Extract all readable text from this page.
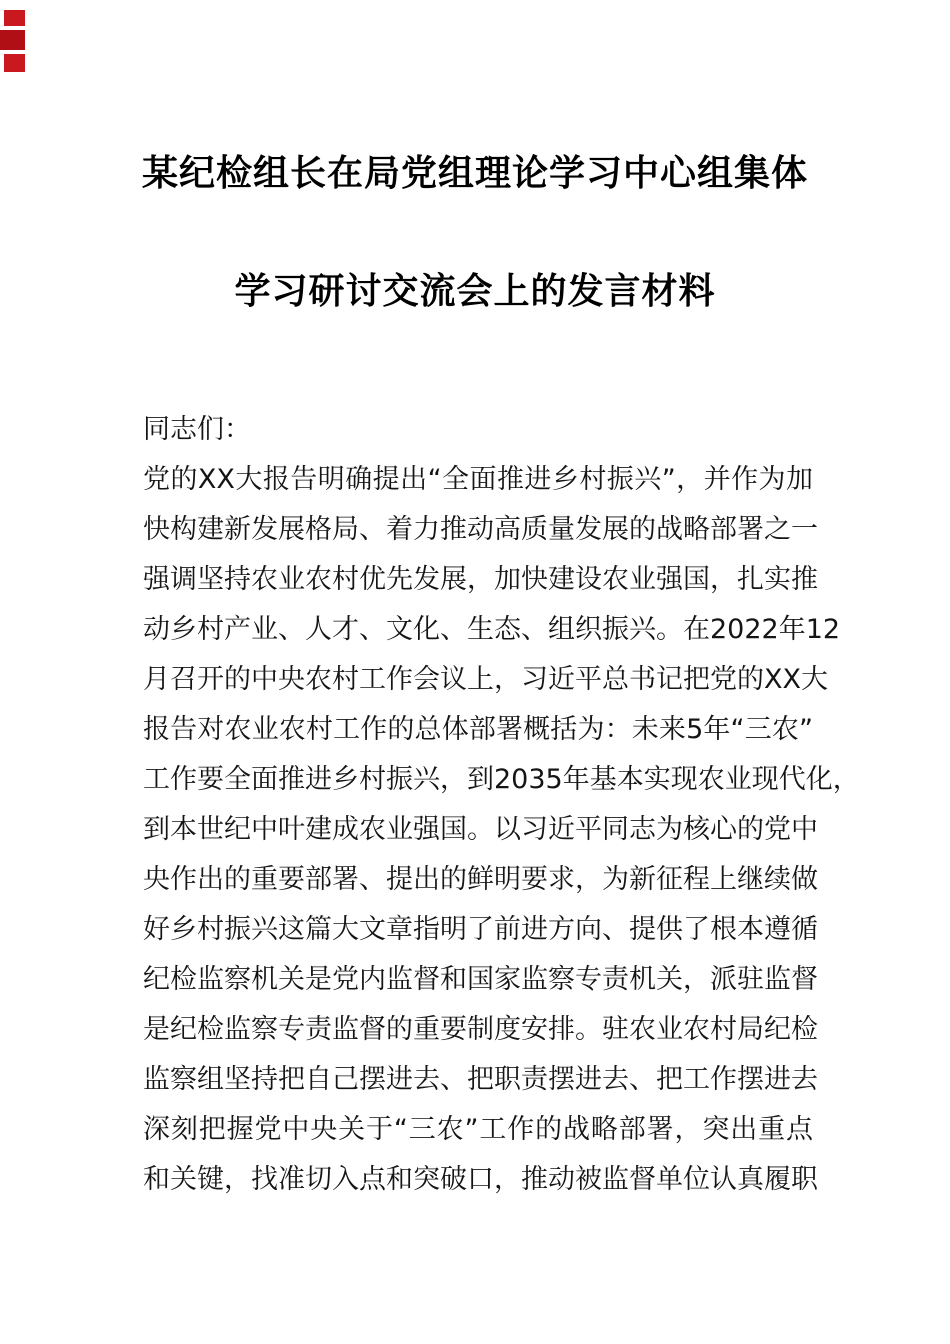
某纪检组长在局党组理论学习中心组集体
学习研讨交流会上的发言材料
同志们：
党的XX大报告明确提出“全面推进乡村振兴”，并作为加
快构建新发展格局、着力推动高质量发展的战略部署之一
强调坚持农业农村优先发展，加快建设农业强国，扎实推
动乡村产业、人才、文化、生态、组织振兴。在2022年12
月召开的中央农村工作会议上，习近平总书记把党的XX大
报告对农业农村工作的总体部署概括为：未来5年“三农”
工作要全面推进乡村振兴，到2035年基本实现农业现代化，
到本世纪中叶建成农业强国。以习近平同志为核心的党中
央作出的重要部署、提出的鲜明要求，为新征程上继续做
好乡村振兴这篇大文章指明了前进方向、提供了根本遵循
纪检监察机关是党内监督和国家监察专责机关，派驻监督
是纪检监察专责监督的重要制度安排。驻农业农村局纪检
监察组坚持把自己摆进去、把职责摆进去、把工作摆进去
深刻把握党中央关于“三农”工作的战略部署，突出重点
和关键，找准切入点和突破口，推动被监督单位认真履职
